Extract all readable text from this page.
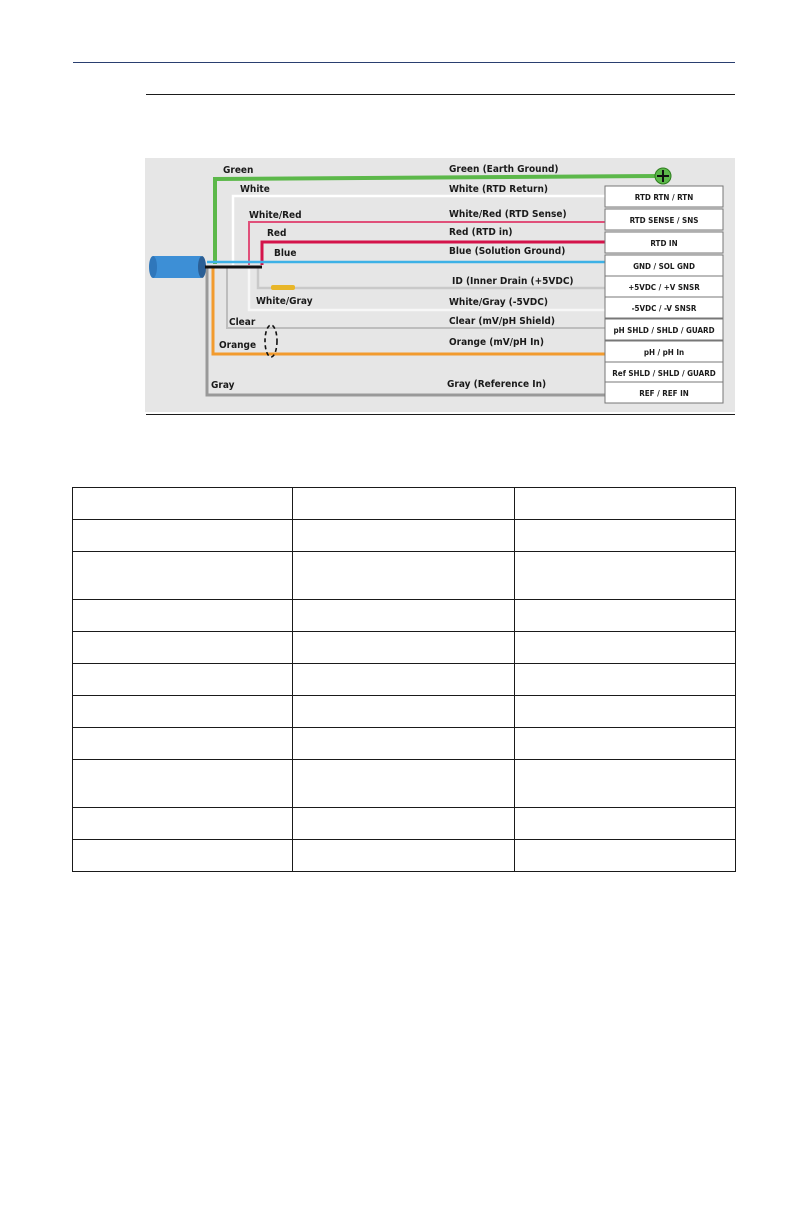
Green
White
White/Red
Red
Blue
White/Gray
Clear
Orange
Gray
Green (Earth Ground)
White (RTD Return)
White/Red (RTD Sense)
Red (RTD in)
Blue (Solution Ground)
ID (Inner Drain (+5VDC)
White/Gray (-5VDC)
Clear (mV/pH Shield)
Orange (mV/pH In)
Gray (Reference In)
RTD RTN / RTN
RTD SENSE / SNS
RTD IN
GND / SOL GND
+5VDC / +V SNSR
-5VDC / -V SNSR
pH SHLD / SHLD / GUARD
pH / pH In
Ref SHLD / SHLD / GUARD
REF / REF IN
